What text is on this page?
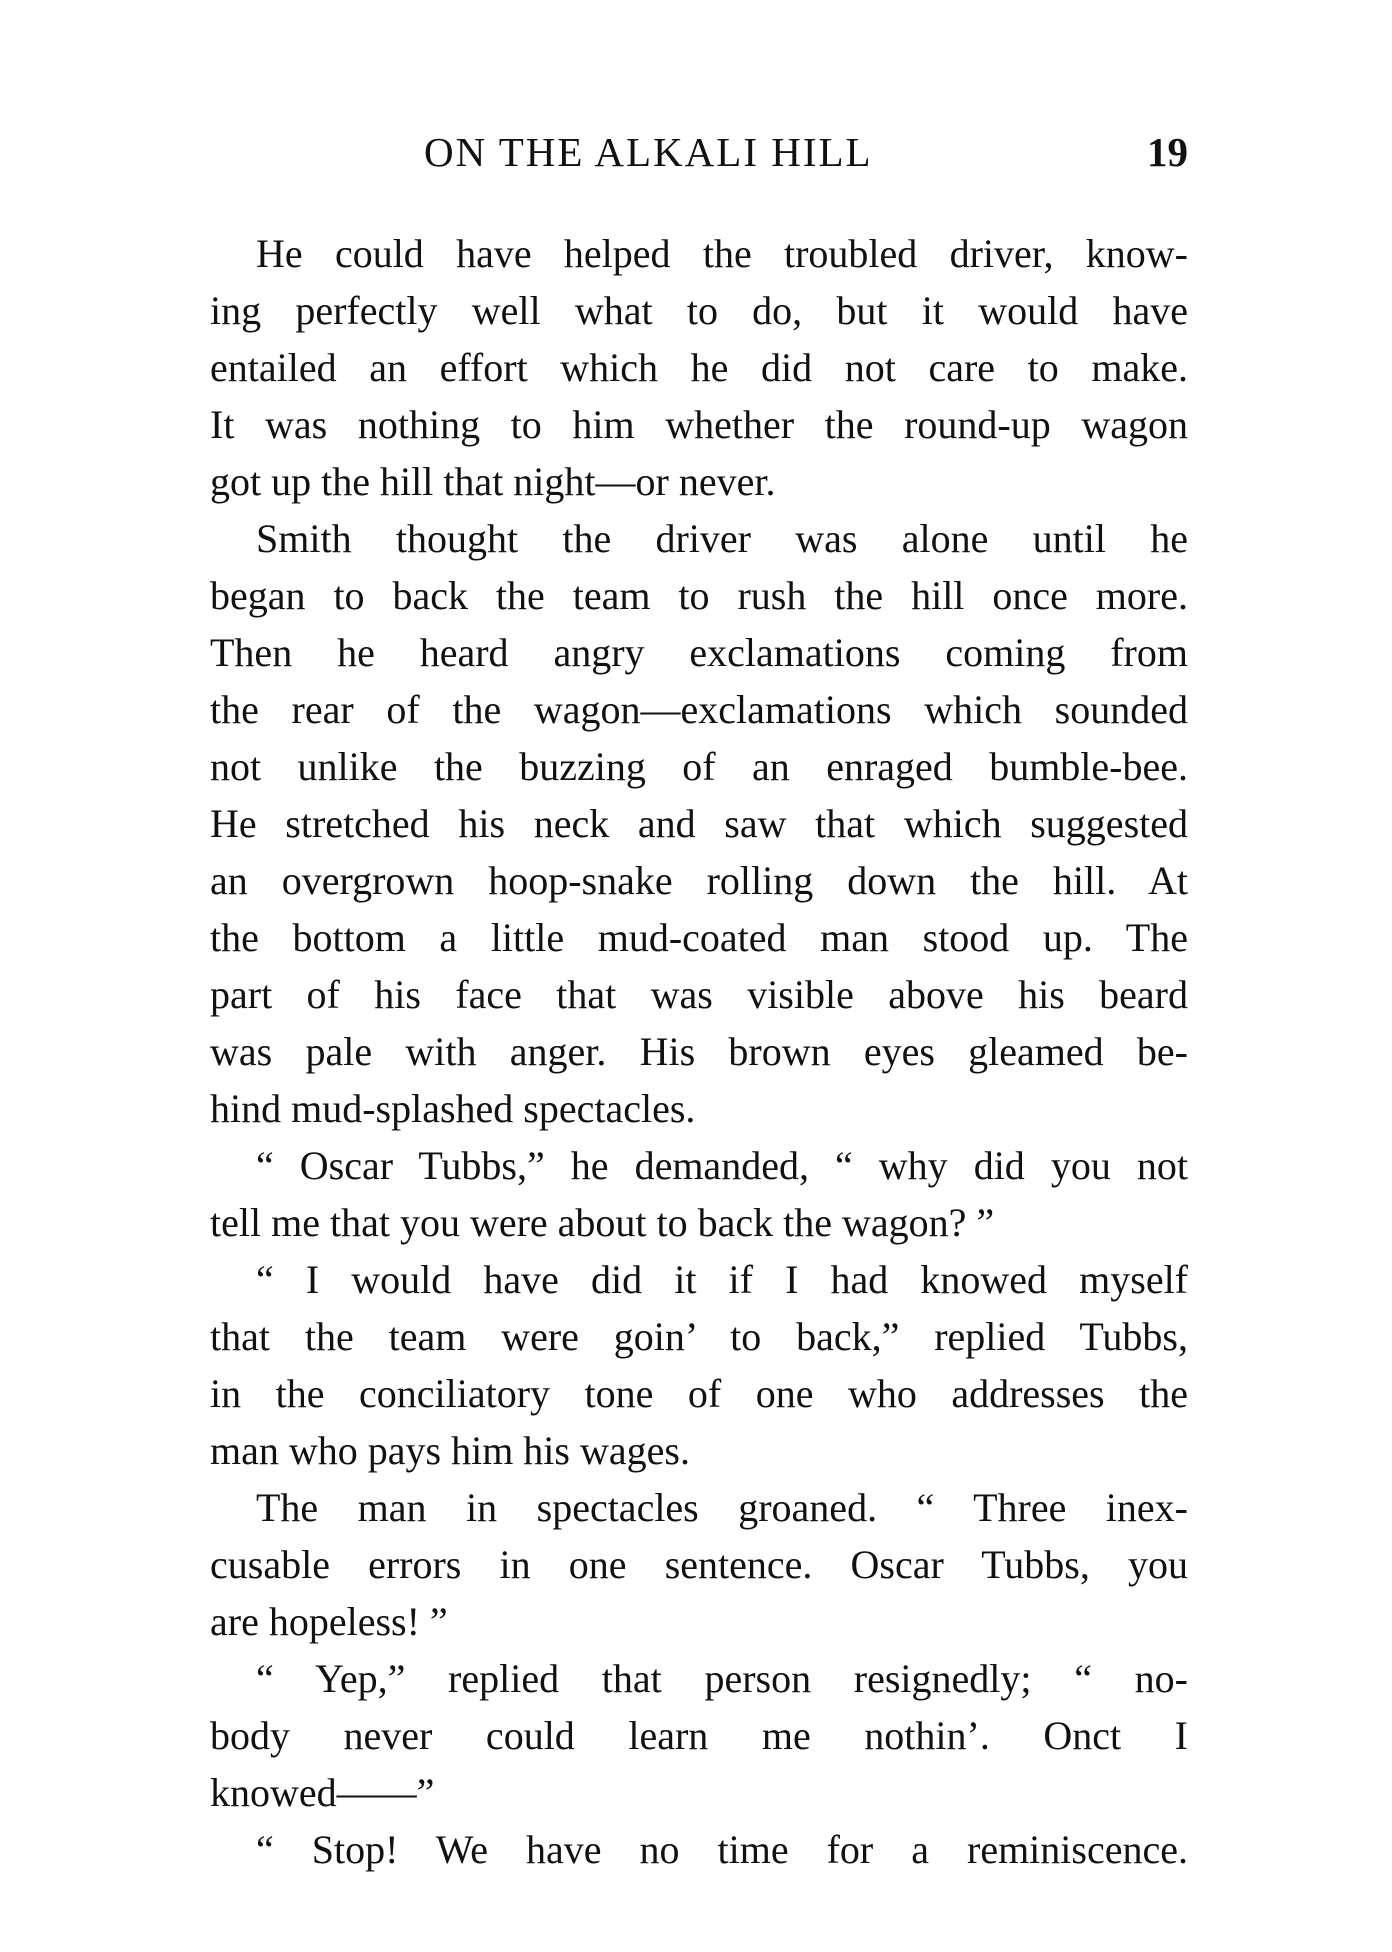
ON THE ALKALI HILL	19
He could have helped the troubled driver, know-
ing perfectly well what to do, but it would have
entailed an effort which he did not care to make.
It was nothing to him whether the round-up wagon
got up the hill that night—or never.
Smith thought the driver was alone until he
began to back the team to rush the hill once more.
Then he heard angry exclamations coming from
the rear of the wagon—exclamations which sounded
not unlike the buzzing of an enraged bumble-bee.
He stretched his neck and saw that which suggested
an overgrown hoop-snake rolling down the hill. At
the bottom a little mud-coated man stood up. The
part of his face that was visible above his beard
was pale with anger. His brown eyes gleamed be-
hind mud-splashed spectacles.
“ Oscar Tubbs,” he demanded, “ why did you not
tell me that you were about to back the wagon? ”
“ I would have did it if I had knowed myself
that the team were goin’ to back,” replied Tubbs,
in the conciliatory tone of one who addresses the
man who pays him his wages.
The man in spectacles groaned. “ Three inex-
cusable errors in one sentence. Oscar Tubbs, you
are hopeless! ”
“ Yep,” replied that person resignedly; “ no-
body never could learn me nothin’. Onct I
knowed——”
“ Stop! We have no time for a reminiscence.
